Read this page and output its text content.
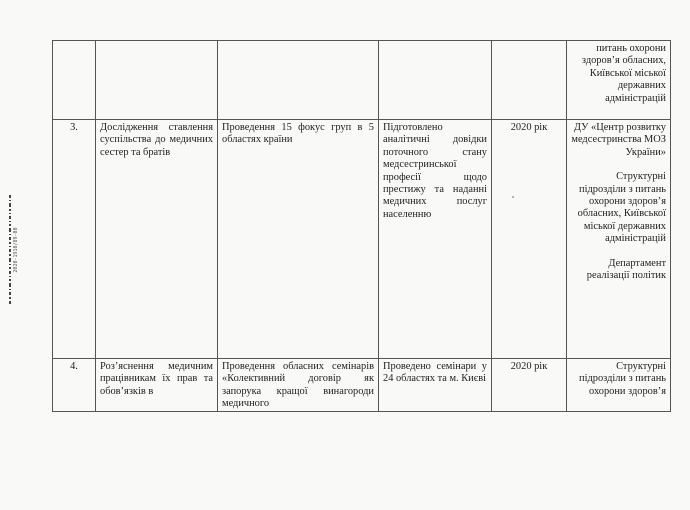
2020-1910/89-00

					питань охорони здоров’я обласних, Київської міської державних адміністрацій

3.	Дослідження ставлення суспільства до медичних сестер та братів	Проведення 15 фокус груп в 5 областях країни	Підготовлено аналітичні довідки поточного стану медсестринської професії щодо престижу та наданні медичних послуг населенню	2020 рік	ДУ «Центр розвитку медсестринства МОЗ України»
Структурні підрозділи з питань охорони здоров’я обласних, Київської міської державних адміністрацій
Департамент реалізації політик

4.	Роз’яснення медичним працівникам їх прав та обов’язків в	Проведення обласних семінарів «Колективний договір як запорука кращої винагороди медичного	Проведено семінари у 24 областях та м. Києві	2020 рік	Структурні підрозділи з питань охорони здоров’я
